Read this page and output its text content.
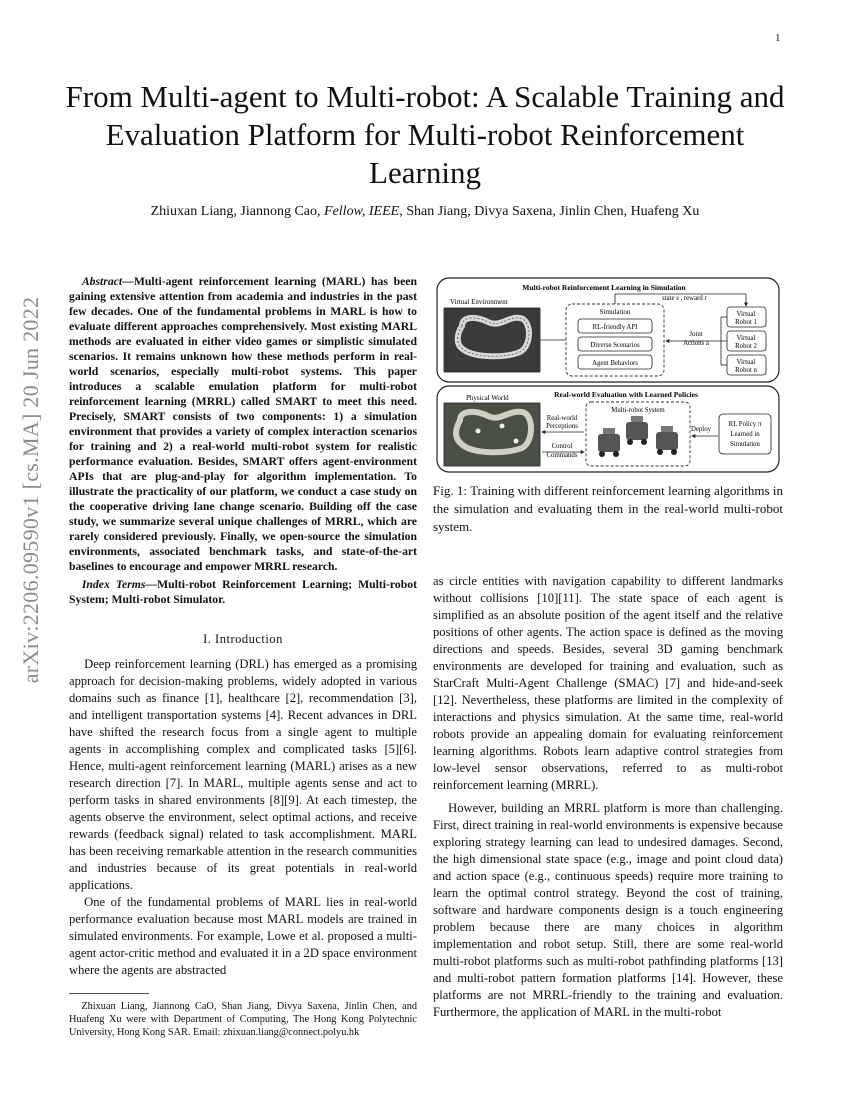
1
From Multi-agent to Multi-robot: A Scalable Training and Evaluation Platform for Multi-robot Reinforcement Learning
Zhiuxan Liang, Jiannong Cao, Fellow, IEEE, Shan Jiang, Divya Saxena, Jinlin Chen, Huafeng Xu
arXiv:2206.09590v1 [cs.MA] 20 Jun 2022
Abstract—Multi-agent reinforcement learning (MARL) has been gaining extensive attention from academia and industries in the past few decades. One of the fundamental problems in MARL is how to evaluate different approaches comprehensively. Most existing MARL methods are evaluated in either video games or simplistic simulated scenarios. It remains unknown how these methods perform in real-world scenarios, especially multi-robot systems. This paper introduces a scalable emulation platform for multi-robot reinforcement learning (MRRL) called SMART to meet this need. Precisely, SMART consists of two components: 1) a simulation environment that provides a variety of complex interaction scenarios for training and 2) a real-world multi-robot system for realistic performance evaluation. Besides, SMART offers agent-environment APIs that are plug-and-play for algorithm implementation. To illustrate the practicality of our platform, we conduct a case study on the cooperative driving lane change scenario. Building off the case study, we summarize several unique challenges of MRRL, which are rarely considered previously. Finally, we open-source the simulation environments, associated benchmark tasks, and state-of-the-art baselines to encourage and empower MRRL research.
Index Terms—Multi-robot Reinforcement Learning; Multi-robot System; Multi-robot Simulator.
I. Introduction

Deep reinforcement learning (DRL) has emerged as a promising approach for decision-making problems, widely adopted in various domains such as finance [1], healthcare [2], recommendation [3], and intelligent transportation systems [4]. Recent advances in DRL have shifted the research focus from a single agent to multiple agents in accomplishing complex and complicated tasks [5][6]. Hence, multi-agent reinforcement learning (MARL) arises as a new research direction [7]. In MARL, multiple agents sense and act to perform tasks in shared environments [8][9]. At each timestep, the agents observe the environment, select optimal actions, and receive rewards (feedback signal) related to task accomplishment. MARL has been receiving remarkable attention in the research communities and industries because of its great potentials in real-world applications.

One of the fundamental problems of MARL lies in real-world performance evaluation because most MARL models are trained in simulated environments. For example, Lowe et al. proposed a multi-agent actor-critic method and evaluated it in a 2D space environment where the agents are abstracted

Zhixuan Liang, Jiannong CaO, Shan Jiang, Divya Saxena, Jinlin Chen, and Huafeng Xu were with Department of Computing, The Hong Kong Polytechnic University, Hong Kong SAR. Email: zhixuan.liang@connect.polyu.hk
Multi-robot Reinforcement Learning in Simulation
Virtual Environment
Simulation
RL-friendly API
Diverse Scenarios
Agent Behaviors
state s , reward r
Virtual
Robot 1
Virtual
Robot 2
Virtual
Robot n
Joint
Actions a
Real-world Evaluation with Learned Policies
Physical World
Real-world
Perceptions
Control
Commands
Multi-robot System
Deploy
RL Policy π
Learned in
Simulation
Fig. 1: Training with different reinforcement learning algorithms in the simulation and evaluating them in the real-world multi-robot system.

as circle entities with navigation capability to different landmarks without collisions [10][11]. The state space of each agent is simplified as an absolute position of the agent itself and the relative positions of other agents. The action space is defined as the moving directions and speeds. Besides, several 3D gaming benchmark environments are developed for training and evaluation, such as StarCraft Multi-Agent Challenge (SMAC) [7] and hide-and-seek [12]. Nevertheless, these platforms are limited in the complexity of interactions and physics simulation. At the same time, real-world robots provide an appealing domain for evaluating reinforcement learning algorithms. Robots learn adaptive control strategies from low-level sensor observations, referred to as multi-robot reinforcement learning (MRRL).

However, building an MRRL platform is more than challenging. First, direct training in real-world environments is expensive because exploring strategy learning can lead to undesired damages. Second, the high dimensional state space (e.g., image and point cloud data) and action space (e.g., continuous speeds) require more training to learn the optimal control strategy. Beyond the cost of training, software and hardware components design is a touch engineering problem because there are many choices in algorithm implementation and robot setup. Still, there are some real-world multi-robot platforms such as multi-robot pathfinding platforms [13] and multi-robot pattern formation platforms [14]. However, these platforms are not MRRL-friendly to the training and evaluation. Furthermore, the application of MARL in the multi-robot
